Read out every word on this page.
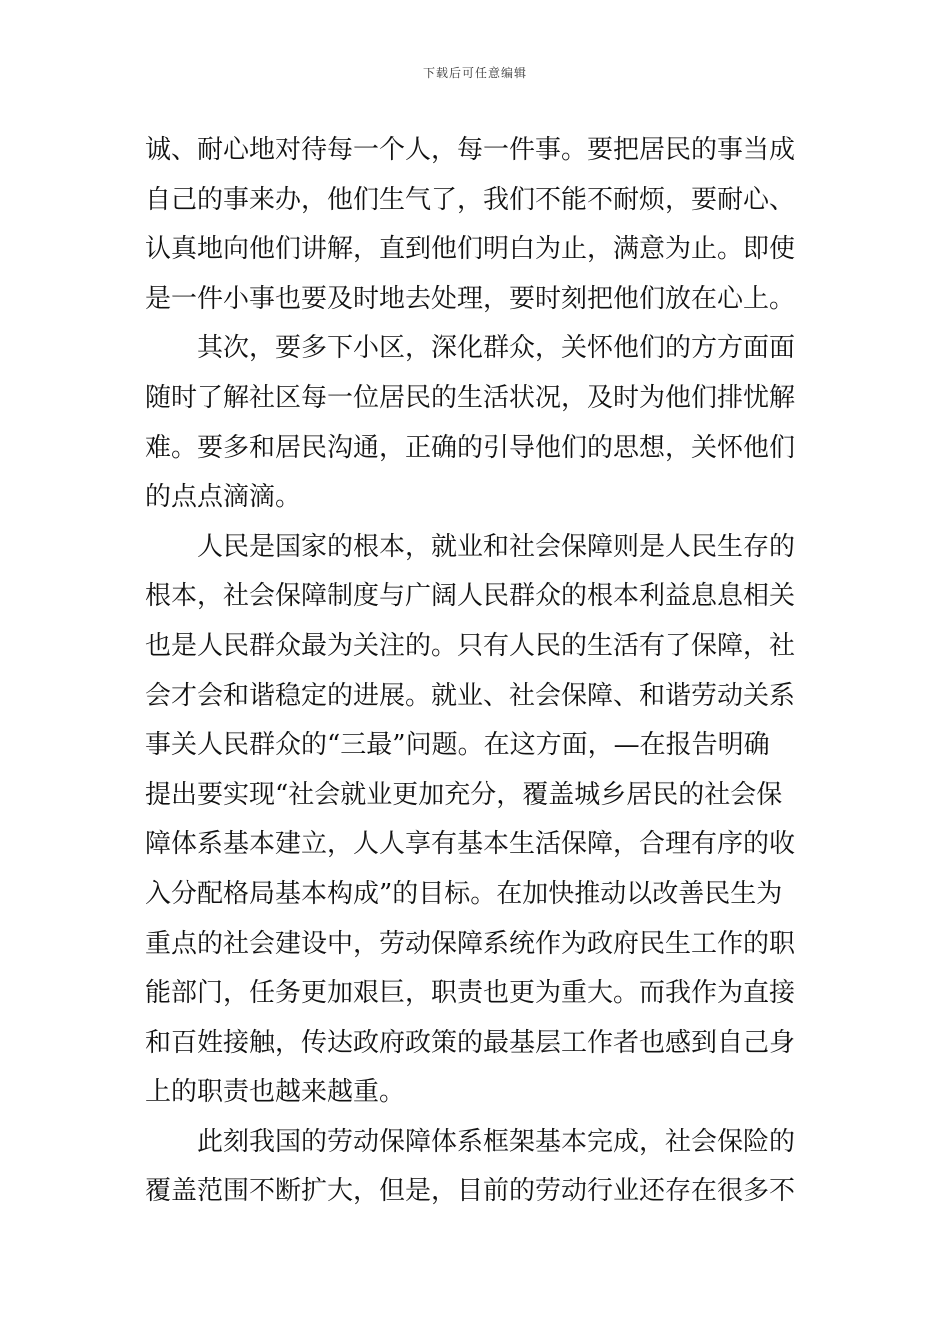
下载后可任意编辑
诚、耐心地对待每一个人，每一件事。要把居民的事当成
自己的事来办，他们生气了，我们不能不耐烦，要耐心、
认真地向他们讲解，直到他们明白为止，满意为止。即使
是一件小事也要及时地去处理，要时刻把他们放在心上。
　　其次，要多下小区，深化群众，关怀他们的方方面面
随时了解社区每一位居民的生活状况，及时为他们排忧解
难。要多和居民沟通，正确的引导他们的思想，关怀他们
的点点滴滴。
　　人民是国家的根本，就业和社会保障则是人民生存的
根本，社会保障制度与广阔人民群众的根本利益息息相关
也是人民群众最为关注的。只有人民的生活有了保障，社
会才会和谐稳定的进展。就业、社会保障、和谐劳动关系
事关人民群众的“三最”问题。在这方面，—在报告明确
提出要实现“社会就业更加充分，覆盖城乡居民的社会保
障体系基本建立，人人享有基本生活保障，合理有序的收
入分配格局基本构成”的目标。在加快推动以改善民生为
重点的社会建设中，劳动保障系统作为政府民生工作的职
能部门，任务更加艰巨，职责也更为重大。而我作为直接
和百姓接触，传达政府政策的最基层工作者也感到自己身
上的职责也越来越重。
　　此刻我国的劳动保障体系框架基本完成，社会保险的
覆盖范围不断扩大，但是，目前的劳动行业还存在很多不
